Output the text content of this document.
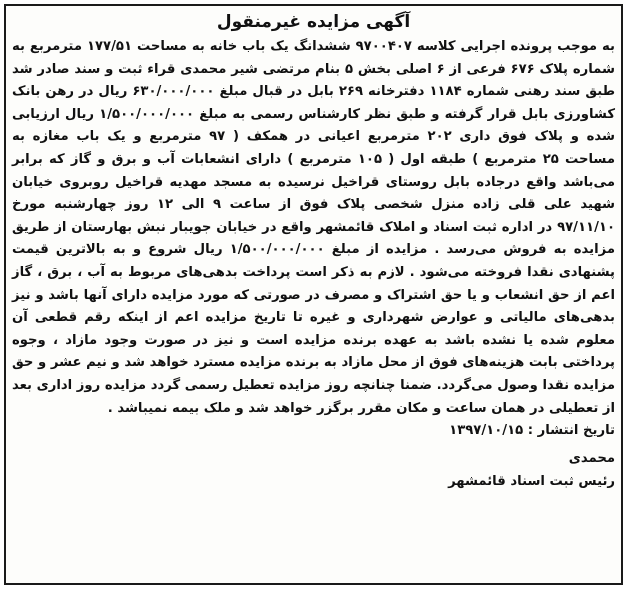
آگهی مزایده غیرمنقول

به موجب پرونده اجرایی کلاسه ۹۷۰۰۴۰۷ ششدانگ یک باب خانه به مساحت ۱۷۷/۵۱ مترمربع به شماره پلاک ۶۷۶ فرعی از ۶ اصلی بخش ۵ بنام مرتضی شیر محمدی قراء ثبت و سند صادر شد طبق سند رهنی شماره ۱۱۸۴ دفترخانه ۲۶۹ بابل در قبال مبلغ ۶۳۰/۰۰۰/۰۰۰ ریال در رهن بانک کشاورزی بابل قرار گرفته و طبق نظر کارشناس رسمی به مبلغ ۱/۵۰۰/۰۰۰/۰۰۰ ریال ارزیابی شده و پلاک فوق داری ۲۰۲ مترمربع اعیانی در همکف ( ۹۷ مترمربع و یک باب مغازه به مساحت ۲۵ مترمربع ) طبقه اول ( ۱۰۵ مترمربع ) دارای انشعابات آب و برق و گاز که برابر می‌باشد واقع درجاده بابل روستای قراخیل نرسیده به مسجد مهدیه قراخیل روبروی خیابان شهید علی قلی زاده منزل شخصی پلاک فوق از ساعت ۹ الی ۱۲ روز چهارشنبه مورخ ۹۷/۱۱/۱۰ در اداره ثبت اسناد و املاک قائمشهر واقع در خیابان جویبار نبش بهارستان از طریق مزایده به فروش می‌رسد . مزایده از مبلغ ۱/۵۰۰/۰۰۰/۰۰۰ ریال شروع و به بالاترین قیمت پشنهادی نقدا فروخته می‌شود . لازم به ذکر است پرداخت بدهی‌های مربوط به آب ، برق ، گاز اعم از حق انشعاب و یا حق اشتراک و مصرف در صورتی که مورد مزایده دارای آنها باشد و نیز بدهی‌های مالیاتی و عوارض شهرداری و غیره تا تاریخ مزایده اعم از اینکه رقم قطعی آن معلوم شده یا نشده باشد به عهده برنده مزایده است و نیز در صورت وجود مازاد ، وجوه پرداختی بابت هزینه‌های فوق از محل مازاد به برنده مزایده مسترد خواهد شد و نیم عشر و حق مزایده نقدا وصول می‌گردد. ضمنا چنانچه روز مزایده تعطیل رسمی گردد مزایده روز اداری بعد از تعطیلی در همان ساعت و مکان مقرر برگزر خواهد شد و ملک بیمه نمیباشد .

تاریخ انتشار : ۱۳۹۷/۱۰/۱۵

محمدی

رئیس ثبت اسناد قائمشهر
